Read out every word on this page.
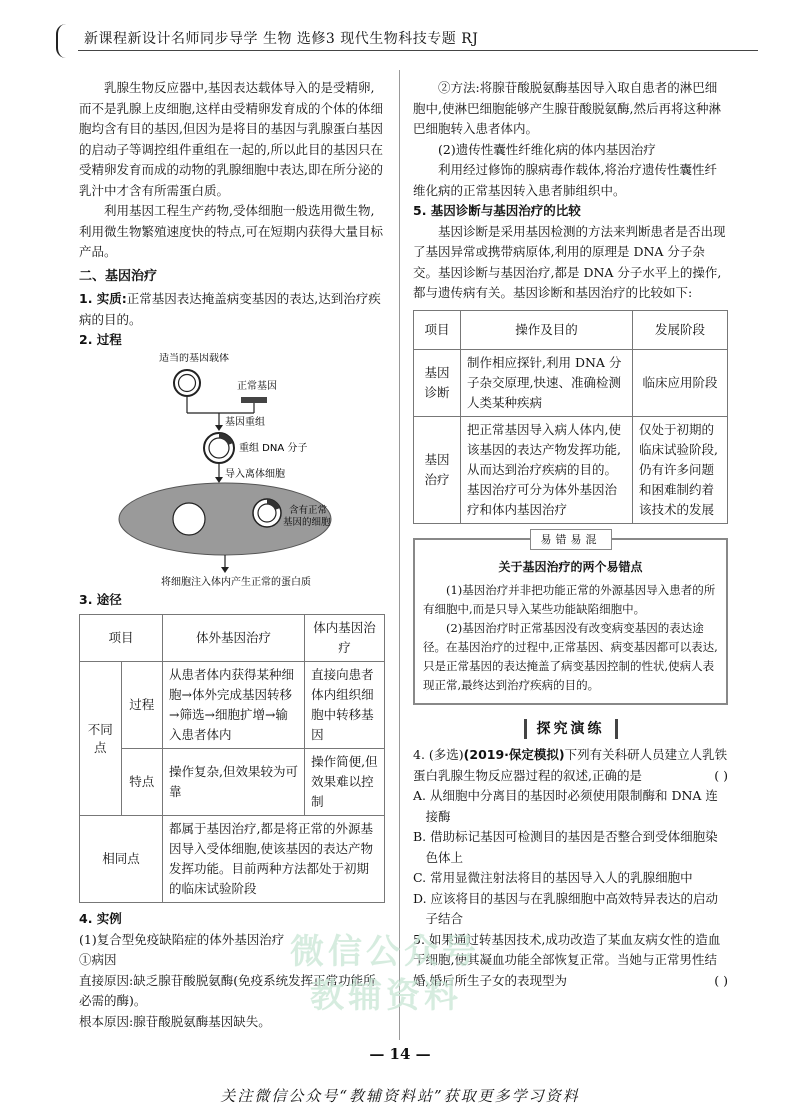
新课程新设计名师同步导学 生物 选修3 现代生物科技专题 RJ

乳腺生物反应器中,基因表达载体导入的是受精卵,而不是乳腺上皮细胞,这样由受精卵发育成的个体的体细胞均含有目的基因,但因为是将目的基因与乳腺蛋白基因的启动子等调控组件重组在一起的,所以此目的基因只在受精卵发育而成的动物的乳腺细胞中表达,即在所分泌的乳汁中才含有所需蛋白质。

利用基因工程生产药物,受体细胞一般选用微生物,利用微生物繁殖速度快的特点,可在短期内获得大量目标产品。

二、基因治疗

1. 实质:正常基因表达掩盖病变基因的表达,达到治疗疾病的目的。

2. 过程

适当的基因载体
正常基因
基因重组
重组 DNA 分子
导入离体细胞
含有正常
基因的细胞
将细胞注入体内产生正常的蛋白质

3. 途径

项目		体外基因治疗	体内基因治疗
不同点	过程	从患者体内获得某种细胞→体外完成基因转移→筛选→细胞扩增→输入患者体内	直接向患者体内组织细胞中转移基因
	特点	操作复杂,但效果较为可靠	操作简便,但效果难以控制
相同点		都属于基因治疗,都是将正常的外源基因导入受体细胞,使该基因的表达产物发挥功能。目前两种方法都处于初期的临床试验阶段	

4. 实例

(1)复合型免疫缺陷症的体外基因治疗

①病因

直接原因:缺乏腺苷酸脱氨酶(免疫系统发挥正常功能所必需的酶)。

根本原因:腺苷酸脱氨酶基因缺失。

②方法:将腺苷酸脱氨酶基因导入取自患者的淋巴细胞中,使淋巴细胞能够产生腺苷酸脱氨酶,然后再将这种淋巴细胞转入患者体内。

(2)遗传性囊性纤维化病的体内基因治疗

利用经过修饰的腺病毒作载体,将治疗遗传性囊性纤维化病的正常基因转入患者肺组织中。

5. 基因诊断与基因治疗的比较

基因诊断是采用基因检测的方法来判断患者是否出现了基因异常或携带病原体,利用的原理是 DNA 分子杂交。基因诊断与基因治疗,都是 DNA 分子水平上的操作,都与遗传病有关。基因诊断和基因治疗的比较如下:

项目	操作及目的	发展阶段
基因诊断	制作相应探针,利用 DNA 分子杂交原理,快速、准确检测人类某种疾病	临床应用阶段
基因治疗	把正常基因导入病人体内,使该基因的表达产物发挥功能,从而达到治疗疾病的目的。基因治疗可分为体外基因治疗和体内基因治疗	仅处于初期的临床试验阶段,仍有许多问题和困难制约着该技术的发展
易错易混
关于基因治疗的两个易错点

(1)基因治疗并非把功能正常的外源基因导入患者的所有细胞中,而是只导入某些功能缺陷细胞中。

(2)基因治疗时正常基因没有改变病变基因的表达途径。在基因治疗的过程中,正常基因、病变基因都可以表达,只是正常基因的表达掩盖了病变基因控制的性状,使病人表现正常,最终达到治疗疾病的目的。

探究演练

4. (多选)(2019·保定模拟)下列有关科研人员建立人乳铁蛋白乳腺生物反应器过程的叙述,正确的是	( )

A. 从细胞中分离目的基因时必须使用限制酶和 DNA 连接酶

B. 借助标记基因可检测目的基因是否整合到受体细胞染色体上

C. 常用显微注射法将目的基因导入人的乳腺细胞中

D. 应该将目的基因与在乳腺细胞中高效特异表达的启动子结合

5. 如果通过转基因技术,成功改造了某血友病女性的造血干细胞,使其凝血功能全部恢复正常。当她与正常男性结婚,婚后所生子女的表现型为	( )

微信公众号
教辅资料
— 14 —
关注微信公众号“教辅资料站”获取更多学习资料
